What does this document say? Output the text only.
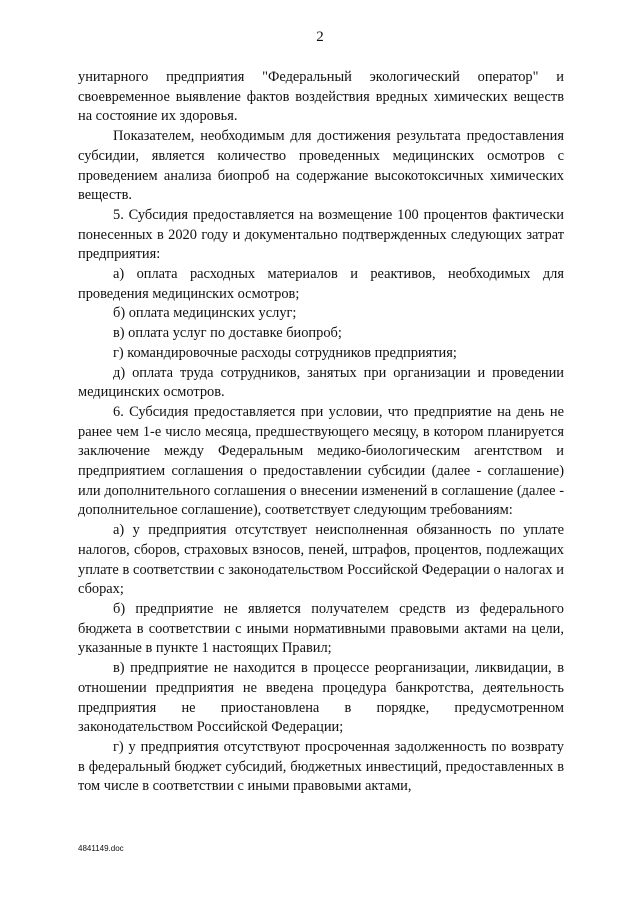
2

унитарного предприятия "Федеральный экологический оператор" и своевременное выявление фактов воздействия вредных химических веществ на состояние их здоровья.

Показателем, необходимым для достижения результата предоставления субсидии, является количество проведенных медицинских осмотров с проведением анализа биопроб на содержание высокотоксичных химических веществ.

5. Субсидия предоставляется на возмещение 100 процентов фактически понесенных в 2020 году и документально подтвержденных следующих затрат предприятия:

а) оплата расходных материалов и реактивов, необходимых для проведения медицинских осмотров;

б) оплата медицинских услуг;

в) оплата услуг по доставке биопроб;

г) командировочные расходы сотрудников предприятия;

д) оплата труда сотрудников, занятых при организации и проведении медицинских осмотров.

6. Субсидия предоставляется при условии, что предприятие на день не ранее чем 1-е число месяца, предшествующего месяцу, в котором планируется заключение между Федеральным медико-биологическим агентством и предприятием соглашения о предоставлении субсидии (далее - соглашение) или дополнительного соглашения о внесении изменений в соглашение (далее - дополнительное соглашение), соответствует следующим требованиям:

а) у предприятия отсутствует неисполненная обязанность по уплате налогов, сборов, страховых взносов, пеней, штрафов, процентов, подлежащих уплате в соответствии с законодательством Российской Федерации о налогах и сборах;

б) предприятие не является получателем средств из федерального бюджета в соответствии с иными нормативными правовыми актами на цели, указанные в пункте 1 настоящих Правил;

в) предприятие не находится в процессе реорганизации, ликвидации, в отношении предприятия не введена процедура банкротства, деятельность предприятия не приостановлена в порядке, предусмотренном законодательством Российской Федерации;

г) у предприятия отсутствуют просроченная задолженность по возврату в федеральный бюджет субсидий, бюджетных инвестиций, предоставленных в том числе в соответствии с иными правовыми актами,

4841149.doc
